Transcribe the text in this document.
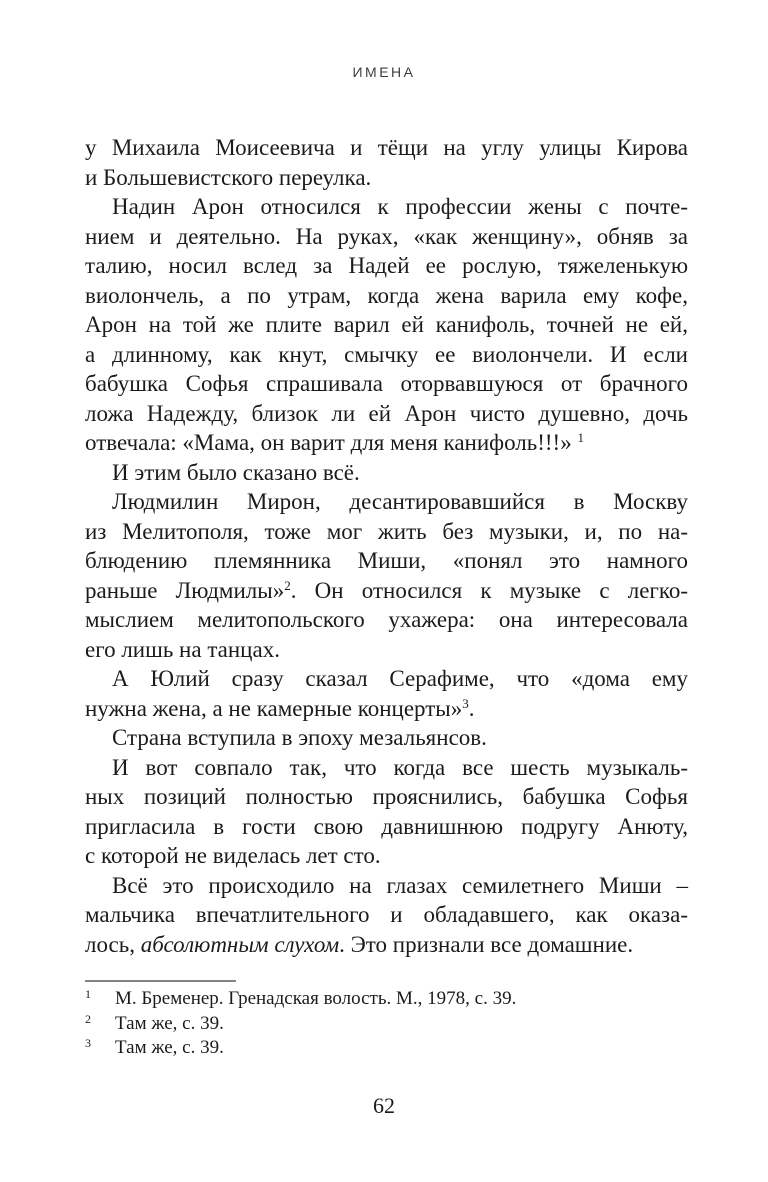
ИМЕНА
у Михаила Моисеевича и тёщи на углу улицы Кирова
и Большевистского переулка.
Надин Арон относился к профессии жены с почте-
нием и деятельно. На руках, «как женщину», обняв за
талию, носил вслед за Надей ее рослую, тяжеленькую
виолончель, а по утрам, когда жена варила ему кофе,
Арон на той же плите варил ей канифоль, точней не ей,
а длинному, как кнут, смычку ее виолончели. И если
бабушка Софья спрашивала оторвавшуюся от брачного
ложа Надежду, близок ли ей Арон чисто душевно, дочь
отвечала: «Мама, он варит для меня канифоль!!!» $^1$
И этим было сказано всё.
Людмилин Мирон, десантировавшийся в Москву
из Мелитополя, тоже мог жить без музыки, и, по на-
блюдению племянника Миши, «понял это намного
раньше Людмилы»$^2$. Он относился к музыке с легко-
мыслием мелитопольского ухажера: она интересовала
его лишь на танцах.
А Юлий сразу сказал Серафиме, что «дома ему
нужна жена, а не камерные концерты»$^3$.
Страна вступила в эпоху мезальянсов.
И вот совпало так, что когда все шесть музыкаль-
ных позиций полностью прояснились, бабушка Софья
пригласила в гости свою давнишнюю подругу Анюту,
с которой не виделась лет сто.
Всё это происходило на глазах семилетнего Миши –
мальчика впечатлительного и обладавшего, как оказа-
лось, абсолютным слухом. Это признали все домашние.
1 М. Бременер. Гренадская волость. М., 1978, с. 39.
2 Там же, с. 39.
3 Там же, с. 39.
62
